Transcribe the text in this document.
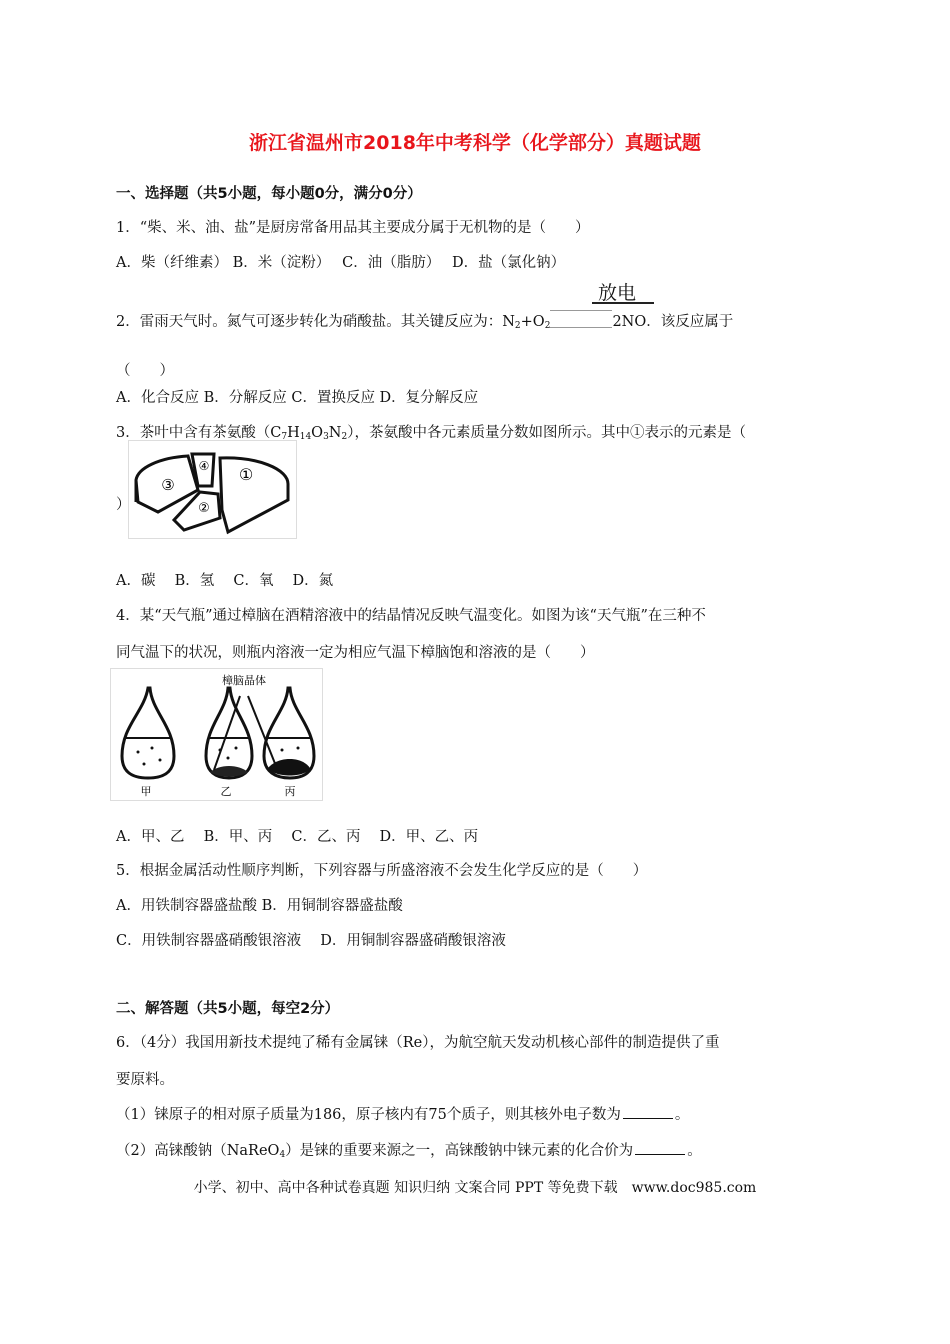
浙江省温州市2018年中考科学（化学部分）真题试题
一、选择题（共5小题，每小题0分，满分0分）
1．“柴、米、油、盐”是厨房常备用品其主要成分属于无机物的是（　　）
A．柴（纤维素） B．米（淀粉）　 C．油（脂肪）　 D．盐（氯化钠）
2．雷雨天气时。氮气可逐步转化为硝酸盐。其关键反应为：$N_2+O_2$	2NO．该反应属于
放电
（　　）
A．化合反应 B．分解反应 C．置换反应 D．复分解反应
3．茶叶中含有茶氨酸$(C_7H_{14}O_3N_2)$，茶氨酸中各元素质量分数如图所示。其中①表示的元素是（
）
①
②
③
④
A．碳　 B．氢　 C．氧　 D．氮
4．某“天气瓶”通过樟脑在酒精溶液中的结晶情况反映气温变化。如图为该“天气瓶”在三种不
同气温下的状况，则瓶内溶液一定为相应气温下樟脑饱和溶液的是（　　）
樟脑晶体
甲	乙	丙
A．甲、乙　 B．甲、丙　 C．乙、丙　 D．甲、乙、丙
5．根据金属活动性顺序判断，下列容器与所盛溶液不会发生化学反应的是（　　）
A．用铁制容器盛盐酸 B．用铜制容器盛盐酸
C．用铁制容器盛硝酸银溶液　 D．用铜制容器盛硝酸银溶液
二、解答题（共5小题，每空2分）
6．（4分）我国用新技术提纯了稀有金属铼（Re），为航空航天发动机核心部件的制造提供了重
要原料。
（1）铼原子的相对原子质量为186，原子核内有75个质子，则其核外电子数为	。
（2）高铼酸钠（NaReO$_4$）是铼的重要来源之一，高铼酸钠中铼元素的化合价为	。
小学、初中、高中各种试卷真题 知识归纳 文案合同 PPT 等免费下载　www.doc985.com
